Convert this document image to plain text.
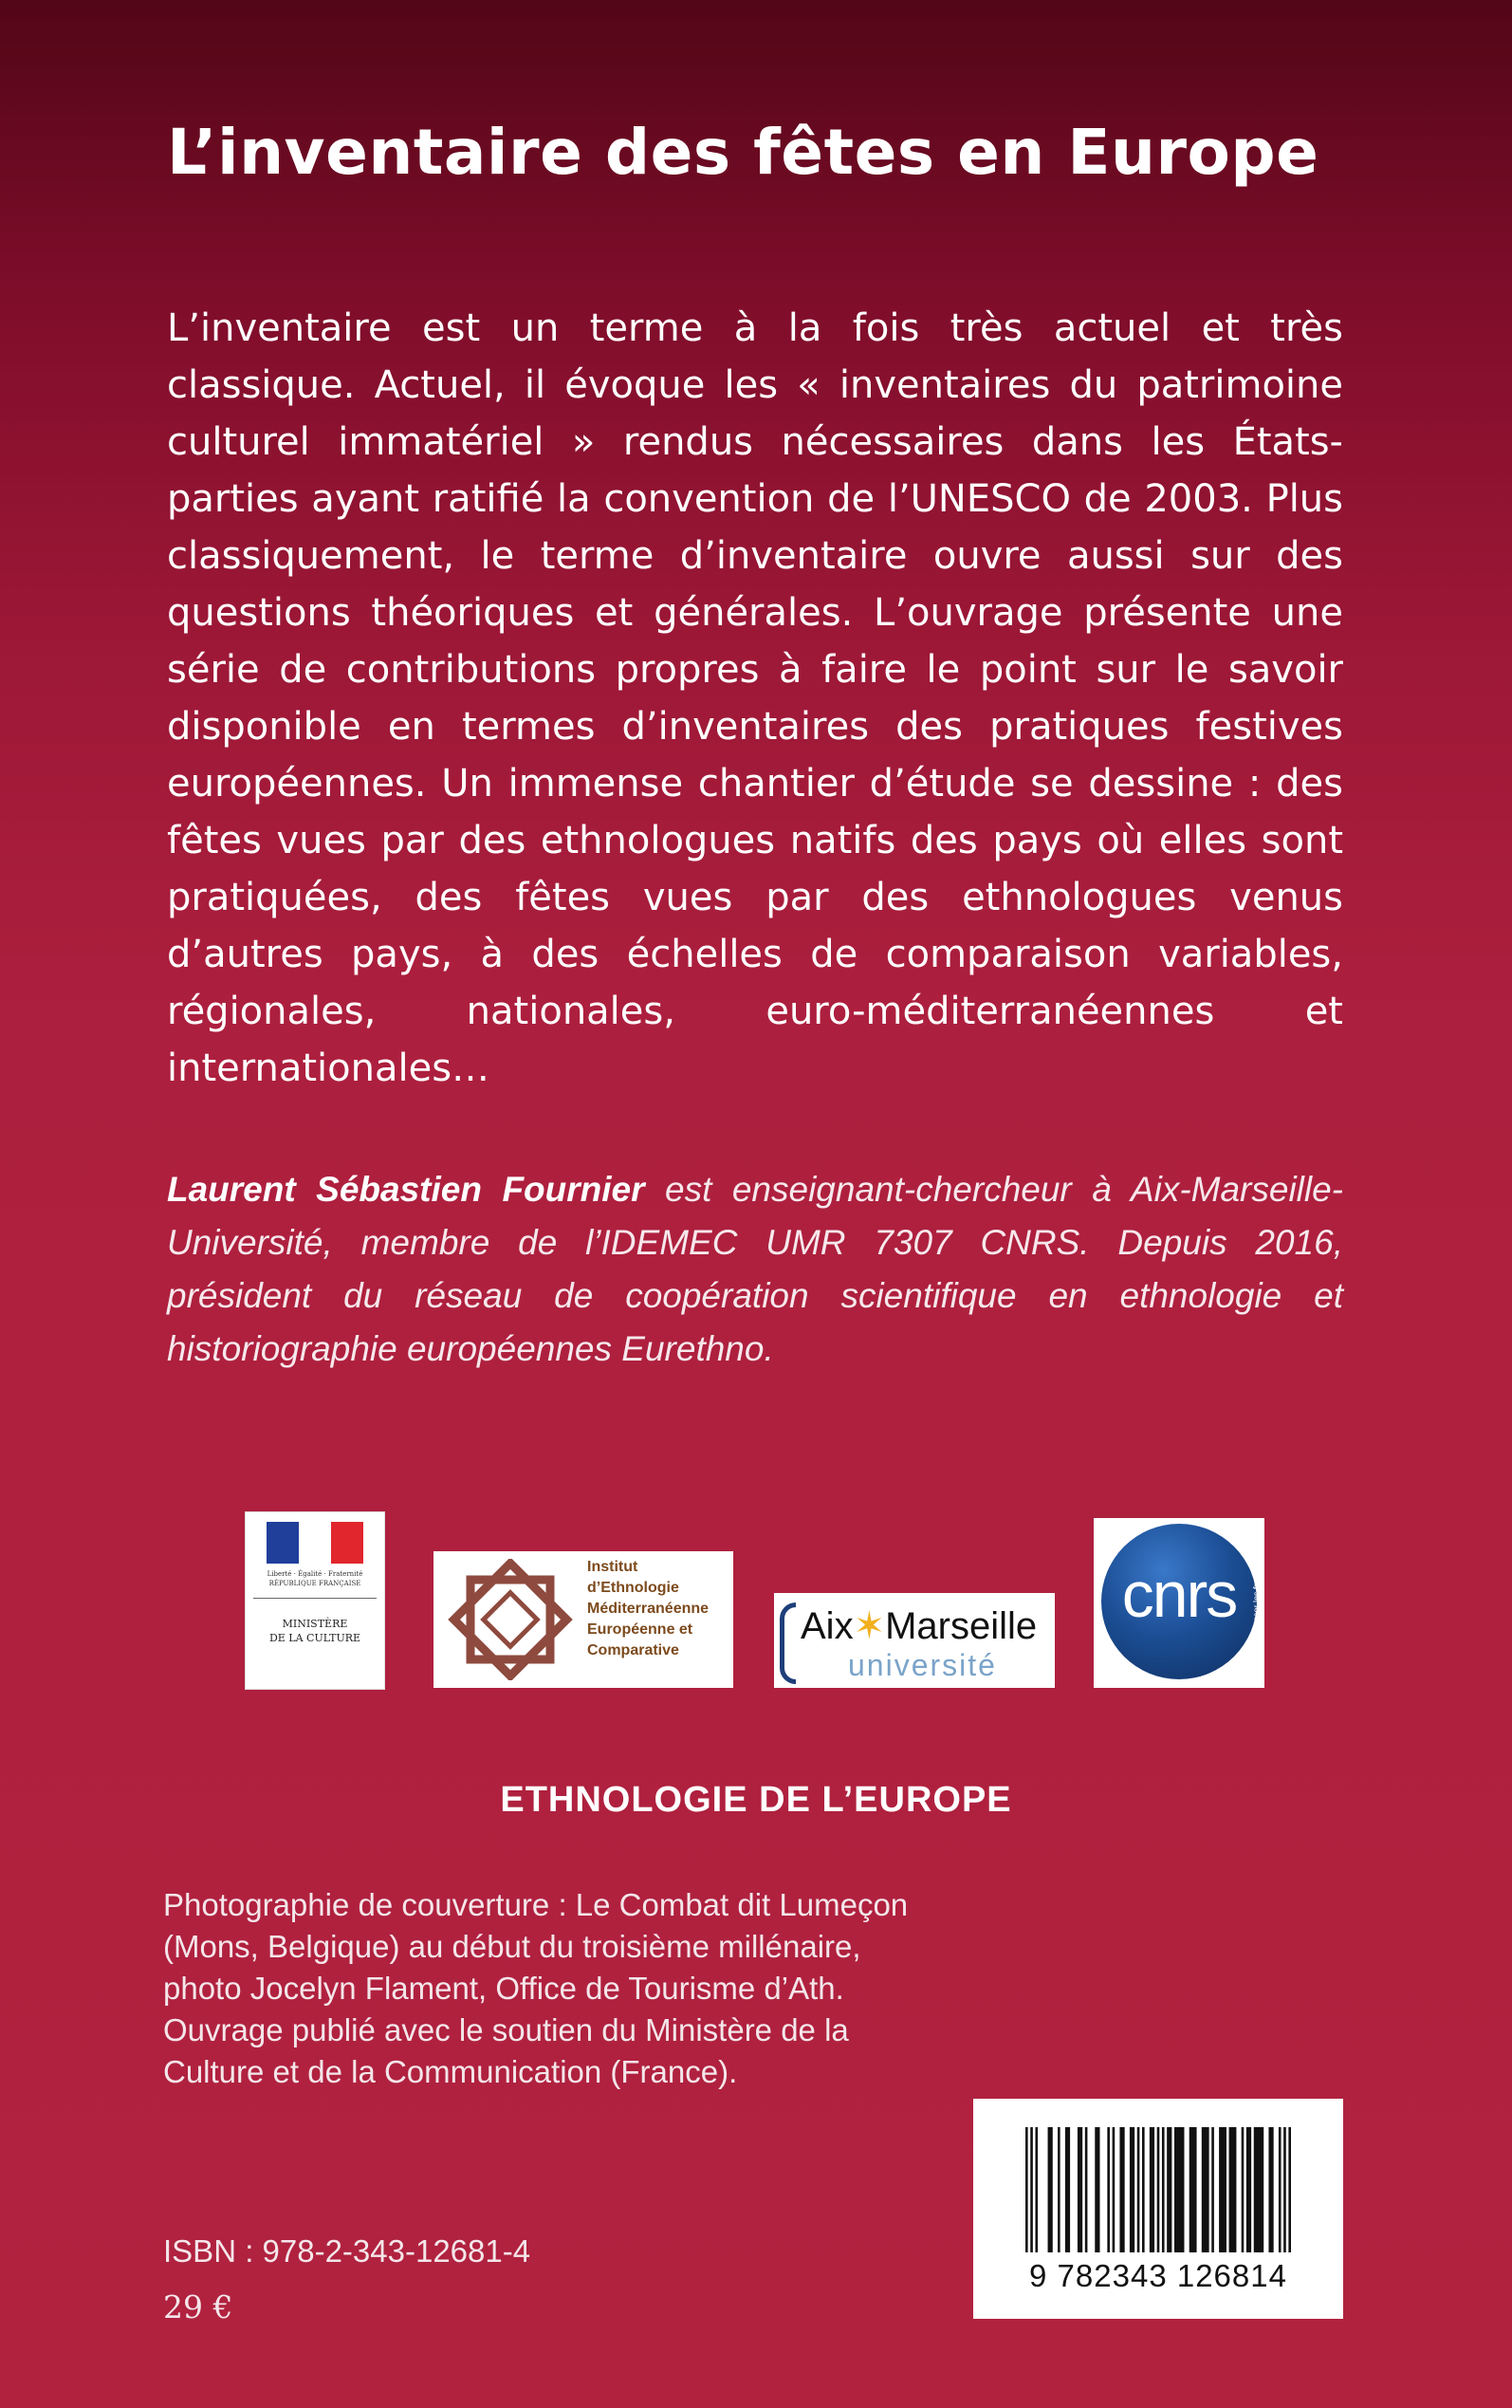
L’inventaire des fêtes en Europe
L’inventaire est un terme à la fois très actuel et très classique. Actuel, il évoque les « inventaires du patrimoine culturel immatériel » rendus nécessaires dans les États-parties ayant ratifié la convention de l’UNESCO de 2003. Plus classiquement, le terme d’inventaire ouvre aussi sur des questions théoriques et générales. L’ouvrage présente une série de contributions propres à faire le point sur le savoir disponible en termes d’inventaires des pratiques festives européennes. Un immense chantier d’étude se dessine : des fêtes vues par des ethnologues natifs des pays où elles sont pratiquées, des fêtes vues par des ethnologues venus d’autres pays, à des échelles de comparaison variables, régionales, nationales, euro-méditerranéennes et internationales…
Laurent Sébastien Fournier est enseignant-chercheur à Aix-Marseille-Université, membre de l’IDEMEC UMR 7307 CNRS. Depuis 2016, président du réseau de coopération scientifique en ethnologie et historiographie européennes Eurethno.
Liberté · Égalité · Fraternité
RÉPUBLIQUE FRANÇAISE
MINISTÈRE
DE LA CULTURE
Institut
d’Ethnologie
Méditerranéenne
Européenne et
Comparative
Aix✶Marseille
université
cnrs	dépasser les frontières
ETHNOLOGIE DE L’EUROPE
Photographie de couverture : Le Combat dit Lumeçon
(Mons, Belgique) au début du troisième millénaire,
photo Jocelyn Flament, Office de Tourisme d’Ath.
Ouvrage publié avec le soutien du Ministère de la
Culture et de la Communication (France).
ISBN : 978-2-343-12681-4
29 €
9 782343 126814
